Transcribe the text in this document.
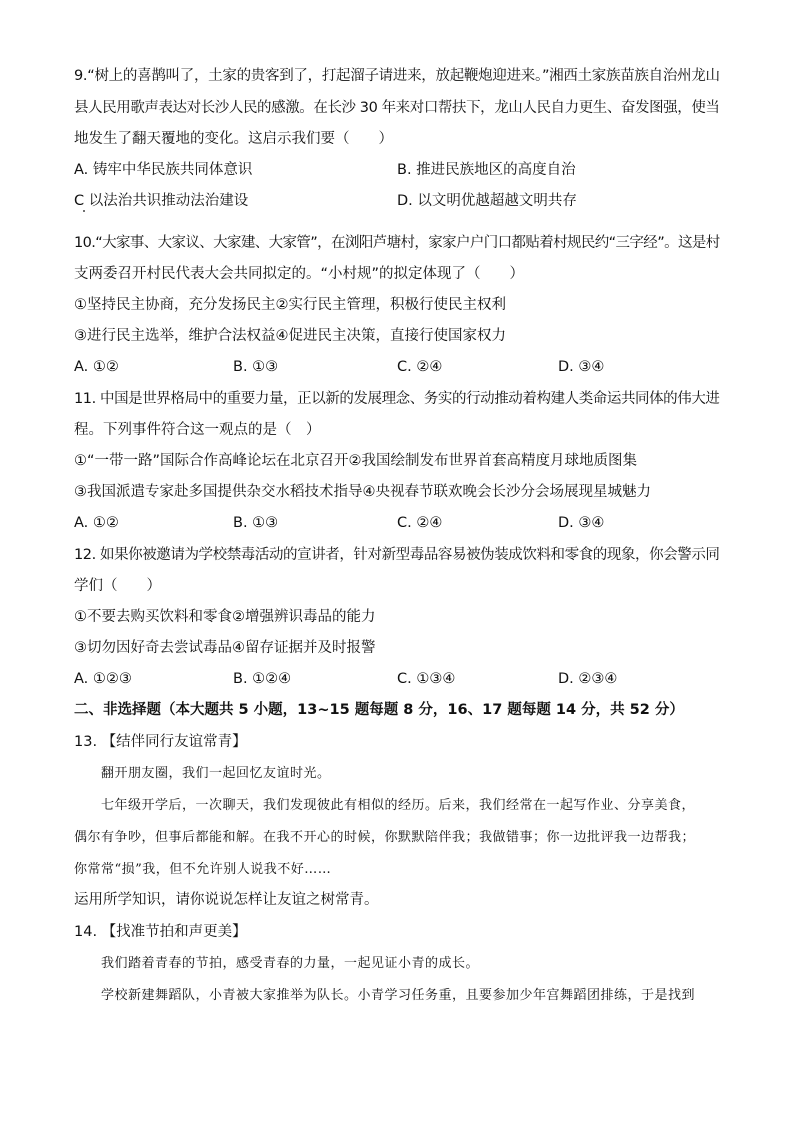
9.“树上的喜鹊叫了，土家的贵客到了，打起溜子请进来，放起鞭炮迎进来。”湘西土家族苗族自治州龙山
县人民用歌声表达对长沙人民的感激。在长沙 30 年来对口帮扶下，龙山人民自力更生、奋发图强，使当
地发生了翻天覆地的变化。这启示我们要（　　）
A. 铸牢中华民族共同体意识	B. 推进民族地区的高度自治
C 以法治共识推动法治建设	D. 以文明优越超越文明共存
10.“大家事、大家议、大家建、大家管”，在浏阳芦塘村，家家户户门口都贴着村规民约“三字经”。这是村
支两委召开村民代表大会共同拟定的。“小村规”的拟定体现了（　　）
①坚持民主协商，充分发扬民主②实行民主管理，积极行使民主权利
③进行民主选举，维护合法权益④促进民主决策，直接行使国家权力
A. ①②	B. ①③	C. ②④	D. ③④
11. 中国是世界格局中的重要力量，正以新的发展理念、务实的行动推动着构建人类命运共同体的伟大进
程。下列事件符合这一观点的是（　）
①“一带一路”国际合作高峰论坛在北京召开②我国绘制发布世界首套高精度月球地质图集
③我国派遣专家赴多国提供杂交水稻技术指导④央视春节联欢晚会长沙分会场展现星城魅力
A. ①②	B. ①③	C. ②④	D. ③④
12. 如果你被邀请为学校禁毒活动的宣讲者，针对新型毒品容易被伪装成饮料和零食的现象，你会警示同
学们（　　）
①不要去购买饮料和零食②增强辨识毒品的能力
③切勿因好奇去尝试毒品④留存证据并及时报警
A. ①②③	B. ①②④	C. ①③④	D. ②③④
二、非选择题（本大题共 5 小题，13~15 题每题 8 分，16、17 题每题 14 分，共 52 分）
13. 【结伴同行友谊常青】
翻开朋友圈，我们一起回忆友谊时光。
七年级开学后，一次聊天，我们发现彼此有相似的经历。后来，我们经常在一起写作业、分享美食，
偶尔有争吵，但事后都能和解。在我不开心的时候，你默默陪伴我；我做错事；你一边批评我一边帮我；
你常常“损”我，但不允许别人说我不好……
运用所学知识，请你说说怎样让友谊之树常青。
14. 【找准节拍和声更美】
我们踏着青春的节拍，感受青春的力量，一起见证小青的成长。
学校新建舞蹈队，小青被大家推举为队长。小青学习任务重，且要参加少年宫舞蹈团排练，于是找到
